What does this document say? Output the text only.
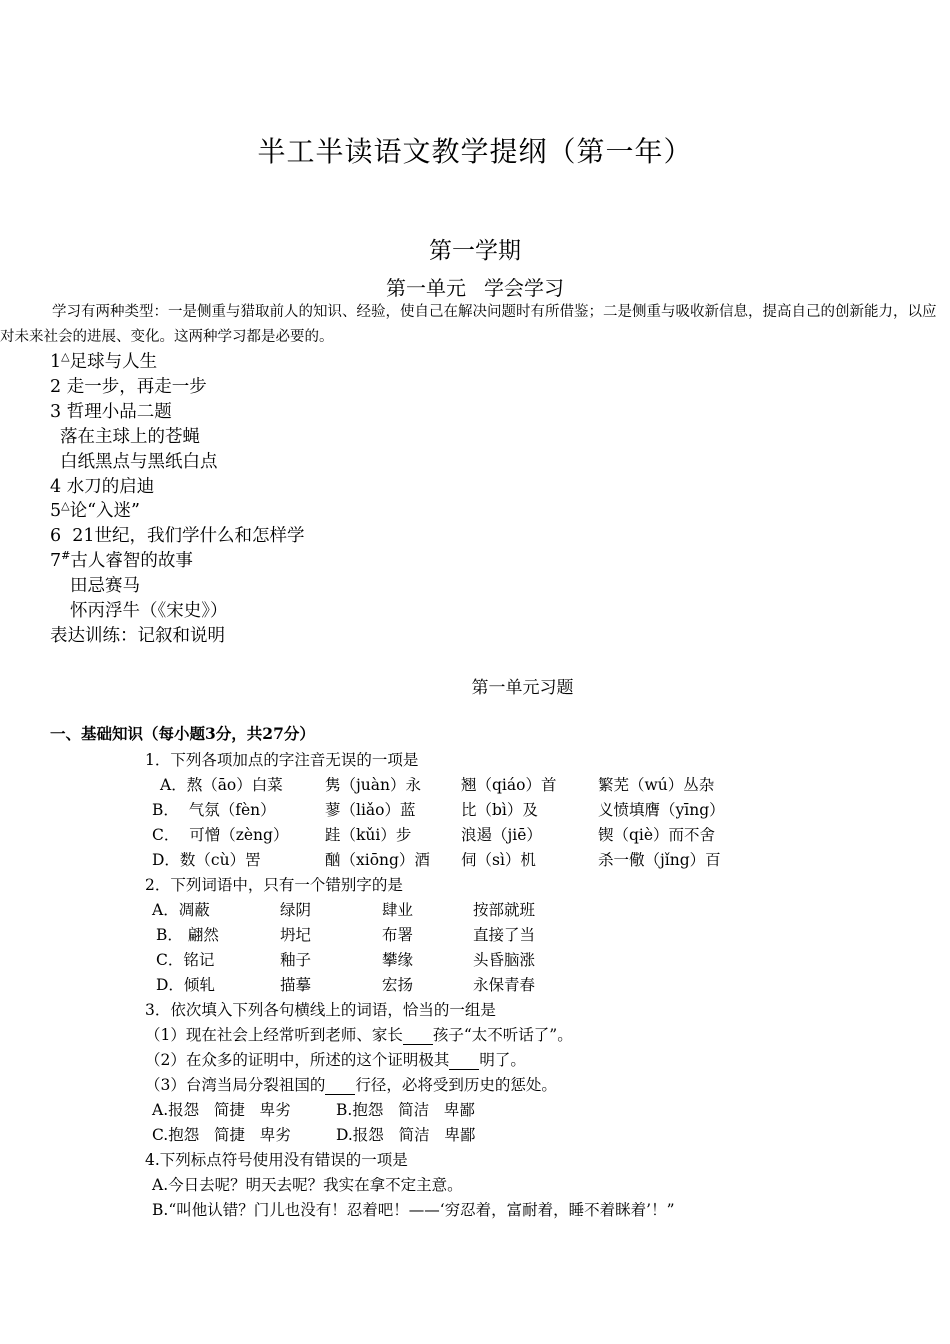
半工半读语文教学提纲（第一年）
第一学期
第一单元 学会学习
学习有两种类型：一是侧重与猎取前人的知识、经验，使自己在解决问题时有所借鉴；二是侧重与吸收新信息，提高自己的创新能力，以应对未来社会的进展、变化。这两种学习都是必要的。
1△足球与人生
2 走一步，再走一步
3 哲理小品二题
落在主球上的苍蝇
白纸黑点与黑纸白点
4 水刀的启迪
5△论“入迷”
6  21世纪，我们学什么和怎样学
7#古人睿智的故事
田忌赛马
怀丙浮牛（《宋史》）
表达训练：记叙和说明
第一单元习题
一、基础知识（每小题3分，共27分）
1．下列各项加点的字注音无误的一项是
A．熬（āo）白菜	隽（juàn）永	翘（qiáo）首	繁芜（wú）丛杂
B．  气氛（fèn）	蓼（liǎo）蓝	比（bì）及	义愤填膺（yīng）
C．  可憎（zèng） 跬（kǔi）步	浪遏（jiē）	锲（qiè）而不舍
D．数（cù）罟	酗（xiōng）酒 伺（sì）机	杀一儆（jǐng）百
2．下列词语中，只有一个错别字的是
A．凋蔽	绿阴	肆业	按部就班
B． 翩然	坍圮	布署	直接了当
C．铭记	釉子	攀缘	头昏脑涨
D．倾轧	描摹	宏扬	永保青春
3．依次填入下列各句横线上的词语，恰当的一组是
（1）现在社会上经常听到老师、家长 孩子“太不听话了”。
（2）在众多的证明中，所述的这个证明极其 明了。
（3）台湾当局分裂祖国的 行径，必将受到历史的惩处。
A.报怨   简捷   卑劣	B.抱怨   简洁   卑鄙
C.抱怨   简捷   卑劣	D.报怨   简洁   卑鄙
4.下列标点符号使用没有错误的一项是
A.今日去呢？明天去呢？我实在拿不定主意。
B.“叫他认错？门儿也没有！忍着吧！——‘穷忍着，富耐着，睡不着眯着’！”
